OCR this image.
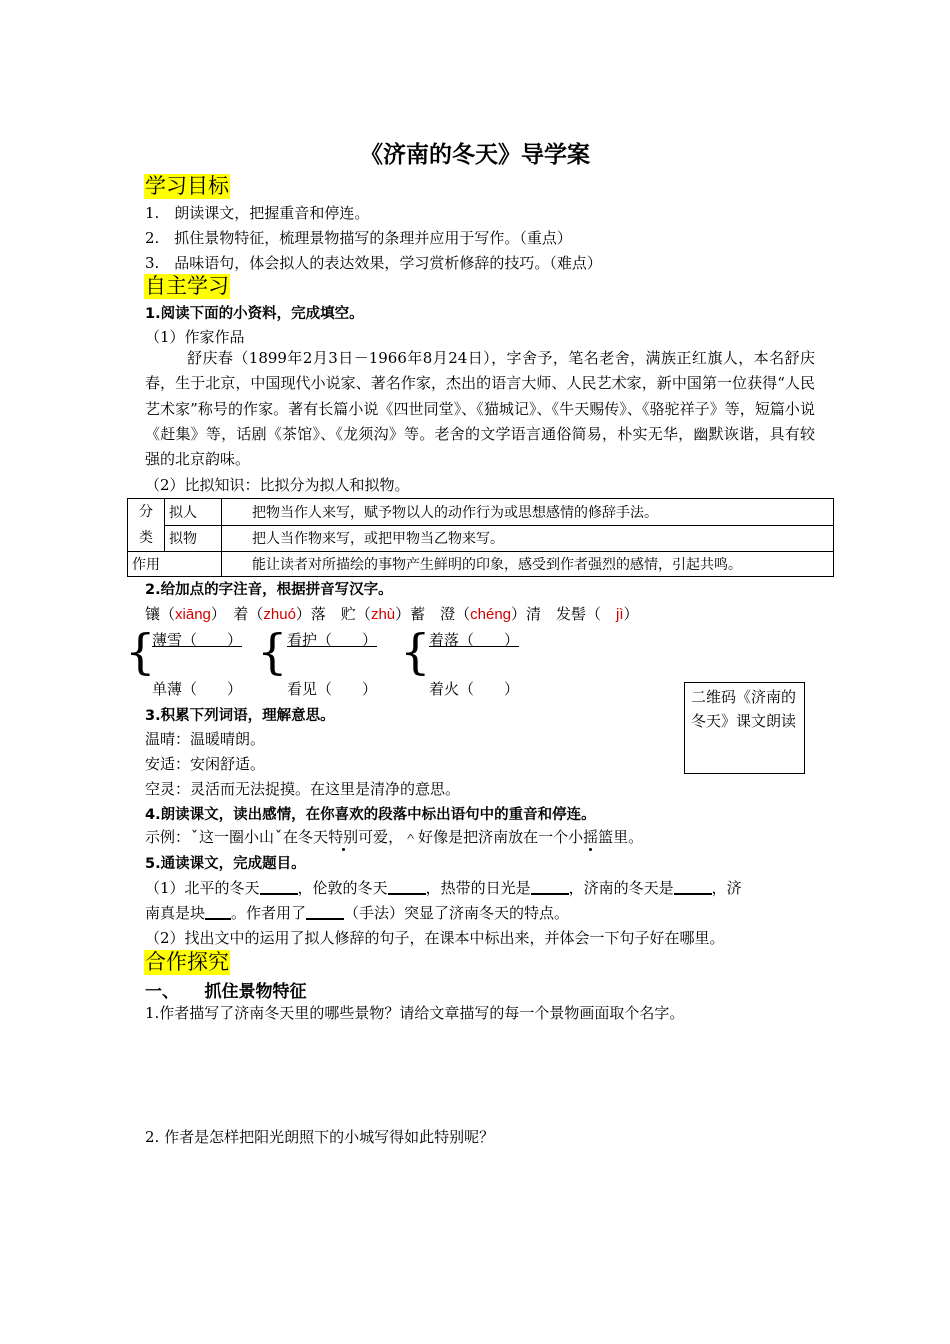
《济南的冬天》导学案
学习目标
1.　朗读课文，把握重音和停连。
2.　抓住景物特征，梳理景物描写的条理并应用于写作。（重点）
3.　品味语句，体会拟人的表达效果，学习赏析修辞的技巧。（难点）
自主学习
1.阅读下面的小资料，完成填空。
（1）作家作品
舒庆春（1899年2月3日－1966年8月24日），字舍予，笔名老舍，满族正红旗人，本名舒庆春，生于北京，中国现代小说家、著名作家，杰出的语言大师、人民艺术家，新中国第一位获得“人民艺术家”称号的作家。著有长篇小说《四世同堂》、《猫城记》、《牛天赐传》、《骆驼祥子》等，短篇小说《赶集》等，话剧《茶馆》、《龙须沟》等。老舍的文学语言通俗简易，朴实无华，幽默诙谐，具有较强的北京韵味。
（2）比拟知识：比拟分为拟人和拟物。
分
类	拟人	把物当作人来写，赋予物以人的动作行为或思想感情的修辞手法。
	拟物	把人当作物来写，或把甲物当乙物来写。
作用		能让读者对所描绘的事物产生鲜明的印象，感受到作者强烈的感情，引起共鸣。
2.给加点的字注音，根据拼音写汉字。
镶（xiāng）　着（zhuó）落　贮（zhù）蓄　澄（chéng）清　发髻（　jì）
{
薄雪（　　）
单薄（　　）
{ 看护（　　）
看见（　　）
{
着落（　　）
着火（　　）	二维码《济南的冬天》课文朗读
3.积累下列词语，理解意思。
温晴：温暖晴朗。
安适：安闲舒适。
空灵：灵活而无法捉摸。在这里是清净的意思。
4.朗读课文，读出感情，在你喜欢的段落中标出语句中的重音和停连。
示例：ˇ这一圈小山ˇ在冬天特别可爱，＾好像是把济南放在一个小摇篮里。
5.通读课文，完成题目。
（1）北平的冬天	，伦敦的冬天	，热带的日光是	，济南的冬天是	，济
南真是块 。作者用了	（手法）突显了济南冬天的特点。
（2）找出文中的运用了拟人修辞的句子，在课本中标出来，并体会一下句子好在哪里。
合作探究
一、　　抓住景物特征
1.作者描写了济南冬天里的哪些景物？请给文章描写的每一个景物画面取个名字。
2. 作者是怎样把阳光朗照下的小城写得如此特别呢？
